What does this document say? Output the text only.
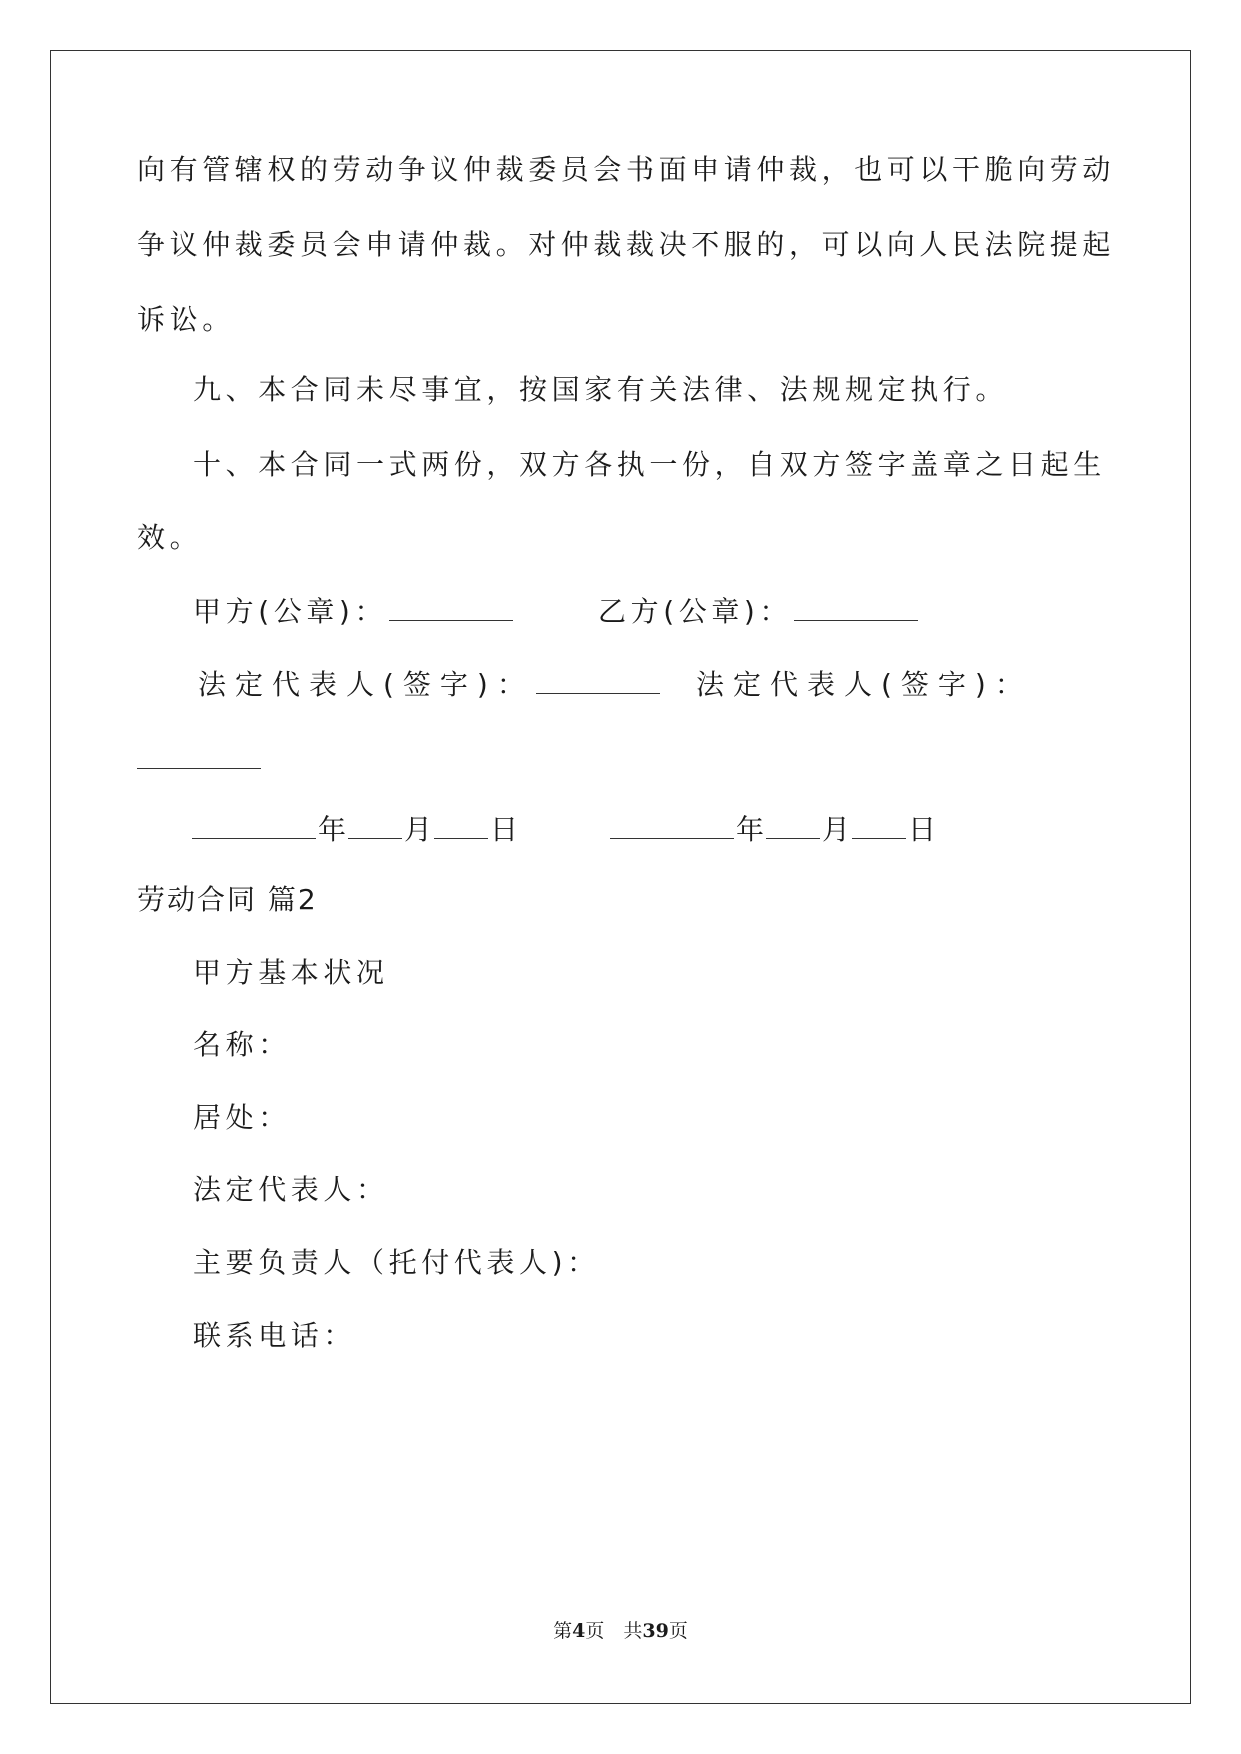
向有管辖权的劳动争议仲裁委员会书面申请仲裁，也可以干脆向劳动
争议仲裁委员会申请仲裁。对仲裁裁决不服的，可以向人民法院提起
诉讼。
九、本合同未尽事宜，按国家有关法律、法规规定执行。
十、本合同一式两份，双方各执一份，自双方签字盖章之日起生
效。
甲方(公章)：	乙方(公章)：
法定代表人(签字)：	法定代表人(签字)：
年 月 日	年 月 日
劳动合同 篇2
甲方基本状况
名称：
居处：
法定代表人：
主要负责人（托付代表人)：
联系电话：
第4页　共39页
